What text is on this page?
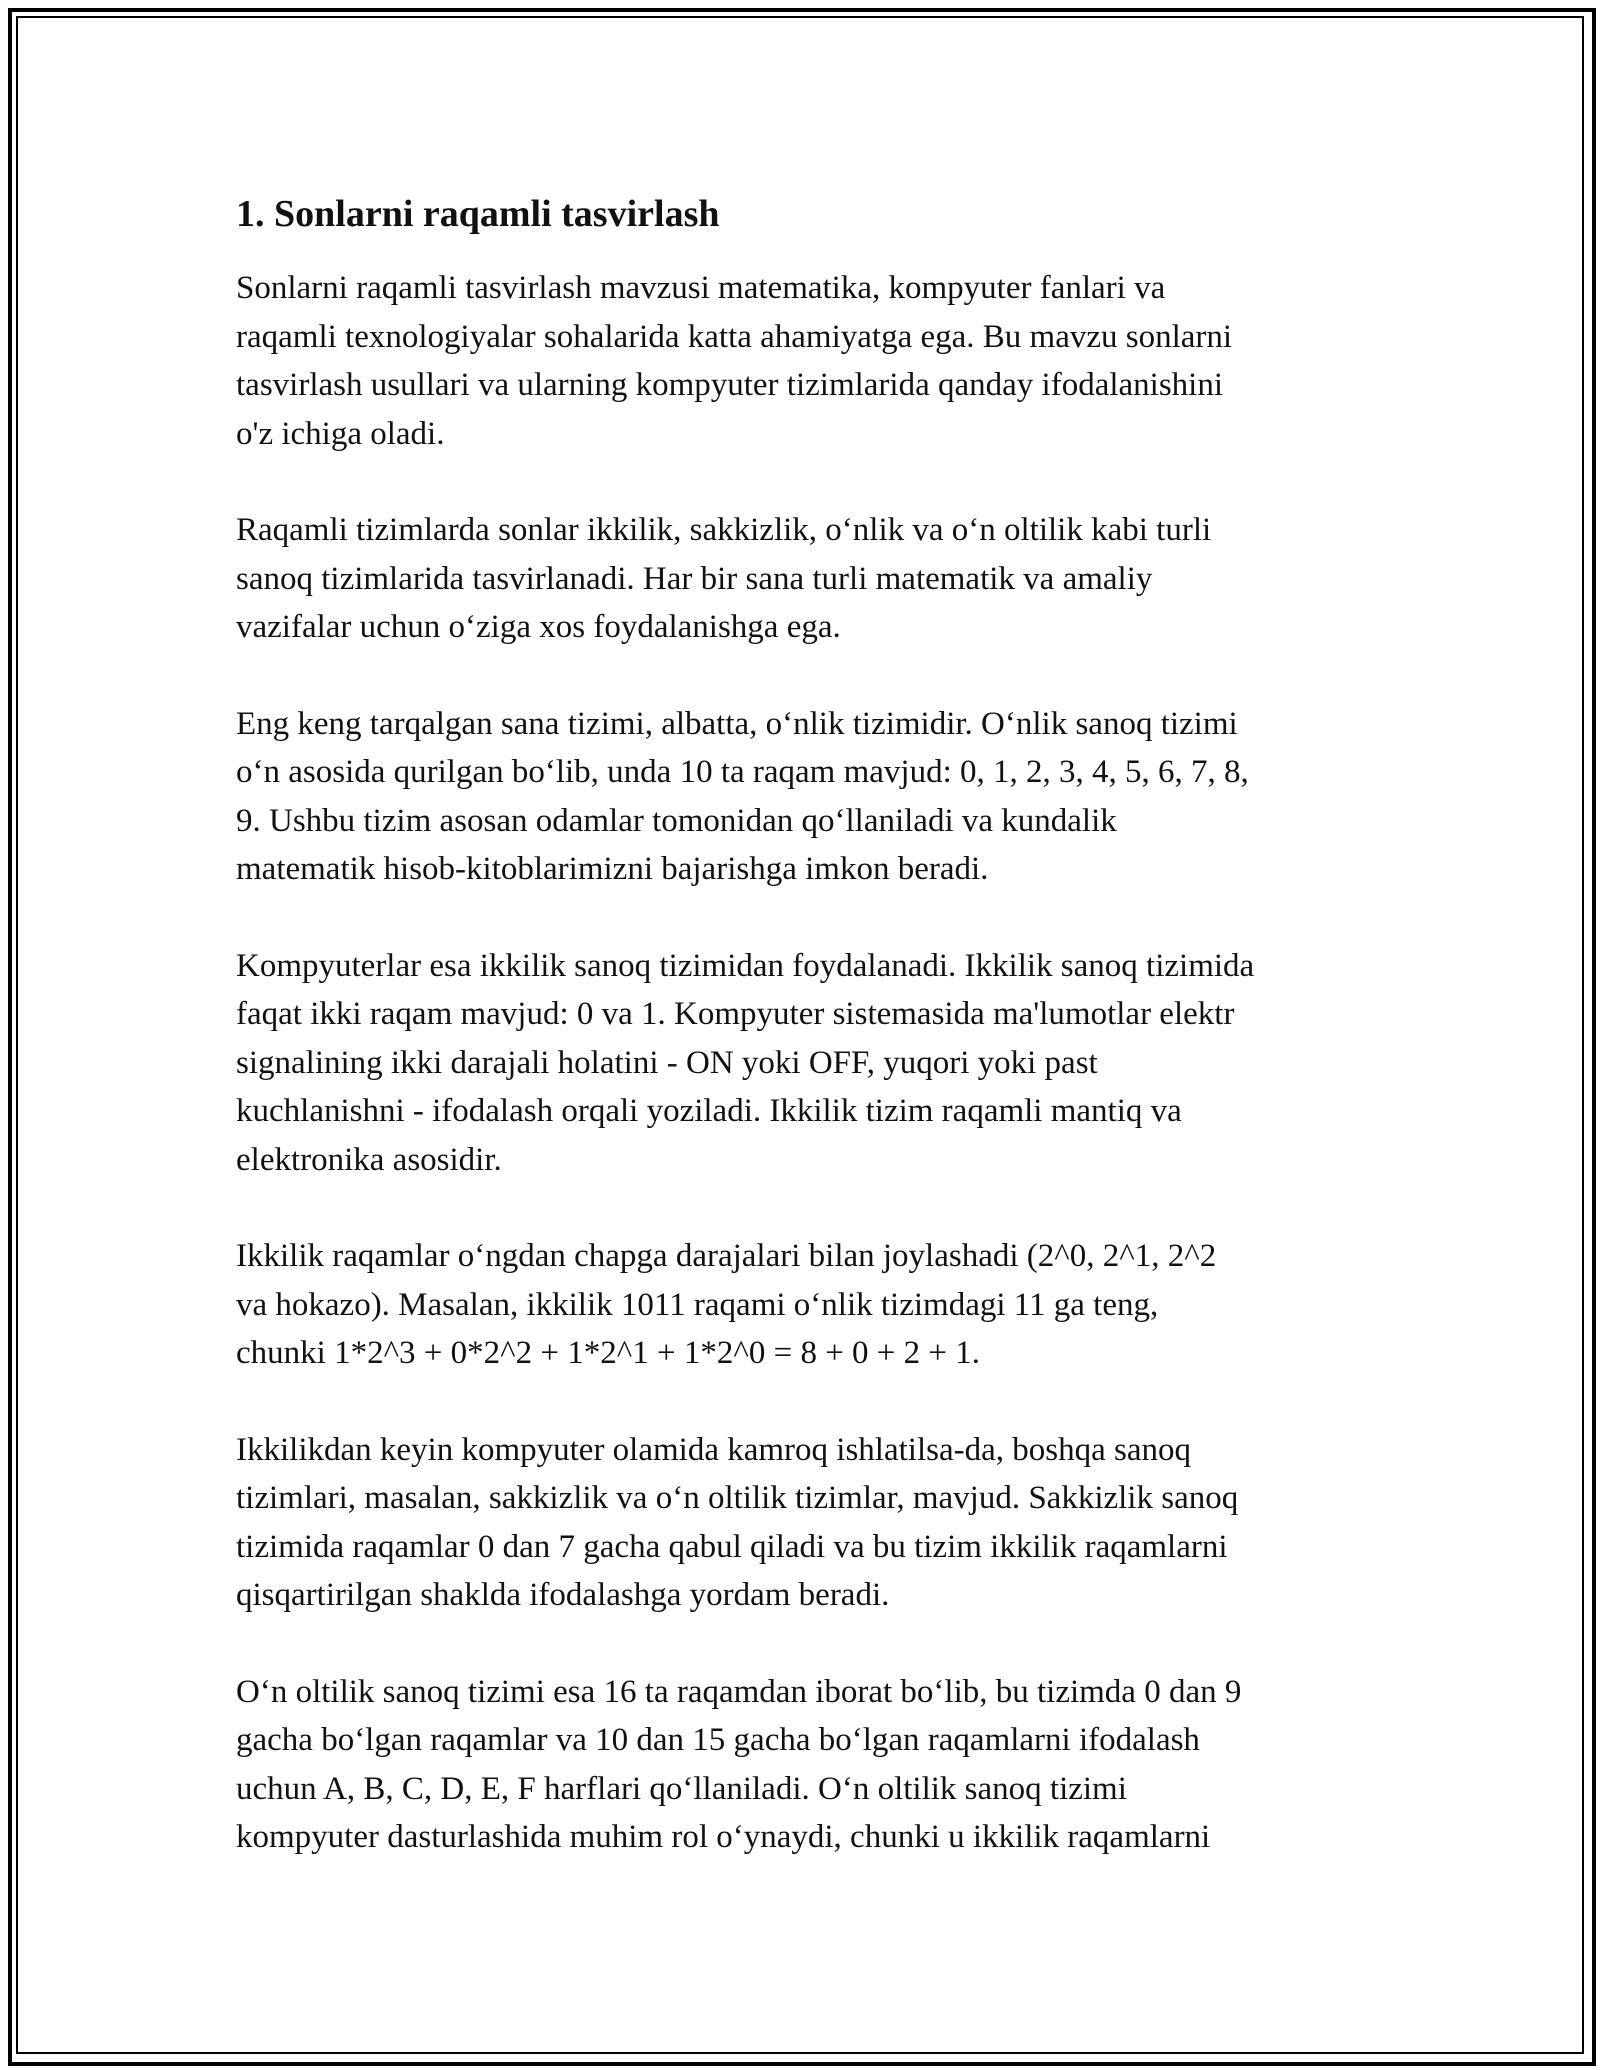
1. Sonlarni raqamli tasvirlash

Sonlarni raqamli tasvirlash mavzusi matematika, kompyuter fanlari va
raqamli texnologiyalar sohalarida katta ahamiyatga ega. Bu mavzu sonlarni
tasvirlash usullari va ularning kompyuter tizimlarida qanday ifodalanishini
o'z ichiga oladi.

Raqamli tizimlarda sonlar ikkilik, sakkizlik, o‘nlik va o‘n oltilik kabi turli
sanoq tizimlarida tasvirlanadi. Har bir sana turli matematik va amaliy
vazifalar uchun o‘ziga xos foydalanishga ega.

Eng keng tarqalgan sana tizimi, albatta, o‘nlik tizimidir. O‘nlik sanoq tizimi
o‘n asosida qurilgan bo‘lib, unda 10 ta raqam mavjud: 0, 1, 2, 3, 4, 5, 6, 7, 8,
9. Ushbu tizim asosan odamlar tomonidan qo‘llaniladi va kundalik
matematik hisob-kitoblarimizni bajarishga imkon beradi.

Kompyuterlar esa ikkilik sanoq tizimidan foydalanadi. Ikkilik sanoq tizimida
faqat ikki raqam mavjud: 0 va 1. Kompyuter sistemasida ma'lumotlar elektr
signalining ikki darajali holatini - ON yoki OFF, yuqori yoki past
kuchlanishni - ifodalash orqali yoziladi. Ikkilik tizim raqamli mantiq va
elektronika asosidir.

Ikkilik raqamlar o‘ngdan chapga darajalari bilan joylashadi (2^0, 2^1, 2^2
va hokazo). Masalan, ikkilik 1011 raqami o‘nlik tizimdagi 11 ga teng,
chunki 1*2^3 + 0*2^2 + 1*2^1 + 1*2^0 = 8 + 0 + 2 + 1.

Ikkilikdan keyin kompyuter olamida kamroq ishlatilsa-da, boshqa sanoq
tizimlari, masalan, sakkizlik va o‘n oltilik tizimlar, mavjud. Sakkizlik sanoq
tizimida raqamlar 0 dan 7 gacha qabul qiladi va bu tizim ikkilik raqamlarni
qisqartirilgan shaklda ifodalashga yordam beradi.

O‘n oltilik sanoq tizimi esa 16 ta raqamdan iborat bo‘lib, bu tizimda 0 dan 9
gacha bo‘lgan raqamlar va 10 dan 15 gacha bo‘lgan raqamlarni ifodalash
uchun A, B, C, D, E, F harflari qo‘llaniladi. O‘n oltilik sanoq tizimi
kompyuter dasturlashida muhim rol o‘ynaydi, chunki u ikkilik raqamlarni
